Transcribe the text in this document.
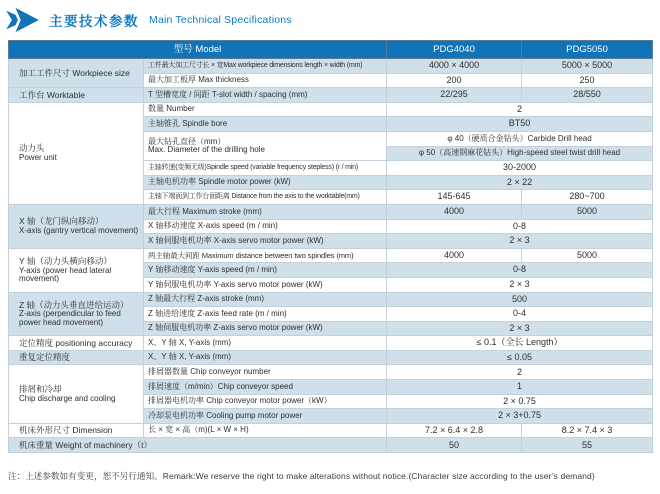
主要技术参数 Main Technical Specifications
型号 Model		PDG4040	PDG5050
加工工件尺寸 Workpiece size	工件最大加工尺寸长 × 宽Max workpiece dimensions length × width (mm)	4000 × 4000	5000 × 5000
	最大加工板厚 Max thickness	200	250
工作台 Worktable	T 型槽宽度 / 间距 T-slot width / spacing (mm)	22/295	28/550

动力头
Power unit	数量 Number	2	
	主轴锥孔 Spindle bore	BT50	

	最大钻孔直径（mm）
Max. Diameter of the drilling hole	φ 40（硬质合金钻头）Carbide Drill head	
		φ 50（高速钢麻花钻头）High-speed steel twist drill head	
	主轴转速(变频无级)Spindle speed (variable frequency stepless) (r / min)	30-2000	
	主轴电机功率 Spindle motor power (kW)	2 × 22	
	主轴下端面到工作台面距离 Distance from the axis to the worktable(mm)	145-645	280~700

X 轴（龙门纵向移动）
X-axis (gantry vertical movement)	最大行程 Maximum stroke (mm)	4000	5000
	X 轴移动速度 X-axis speed (m / min)	0-8	
	X 轴伺服电机功率 X-axis servo motor power (kW)	2 × 3	

Y 轴（动力头横向移动）
Y-axis (power head lateral movement)	两主轴最大间距 Maximum distance between two spindles (mm)	4000	5000
	Y 轴移动速度 Y-axis speed (m / min)	0-8	
	Y 轴伺服电机功率 Y-axis servo motor power (kW)	2 × 3	

Z 轴（动力头垂直进给运动）
Z-axis (perpendicular to feed power head movement)	Z 轴最大行程 Z-axis stroke (mm)	500	
	Z 轴进给速度 Z-axis feed rate (m / min)	0-4	
	Z 轴伺服电机功率 Z-axis servo motor power (kW)	2 × 3	
定位精度 positioning accuracy	X、Y 轴 X, Y-axis (mm)	≤ 0.1（全长 Length）	
重复定位精度	X、Y 轴 X, Y-axis (mm)	≤ 0.05	

排屑和冷却
Chip discharge and cooling	排屑器数量 Chip conveyor number	2	
	排屑速度（m/min）Chip conveyor speed	1	
	排屑器电机功率 Chip conveyor motor power（kW）	2 × 0.75	
	冷却泵电机功率 Cooling pump motor power	2 × 3+0.75	
机床外形尺寸 Dimension	长 × 宽 × 高（m)(L × W × H)	7.2 × 6.4 × 2.8	8.2 × 7.4 × 3
机床重量 Weight of machinery（t）		50	55
注：上述参数如有变更，恕不另行通知。Remark:We reserve the right to make alterations without notice.(Character size according to the user’s demand)
